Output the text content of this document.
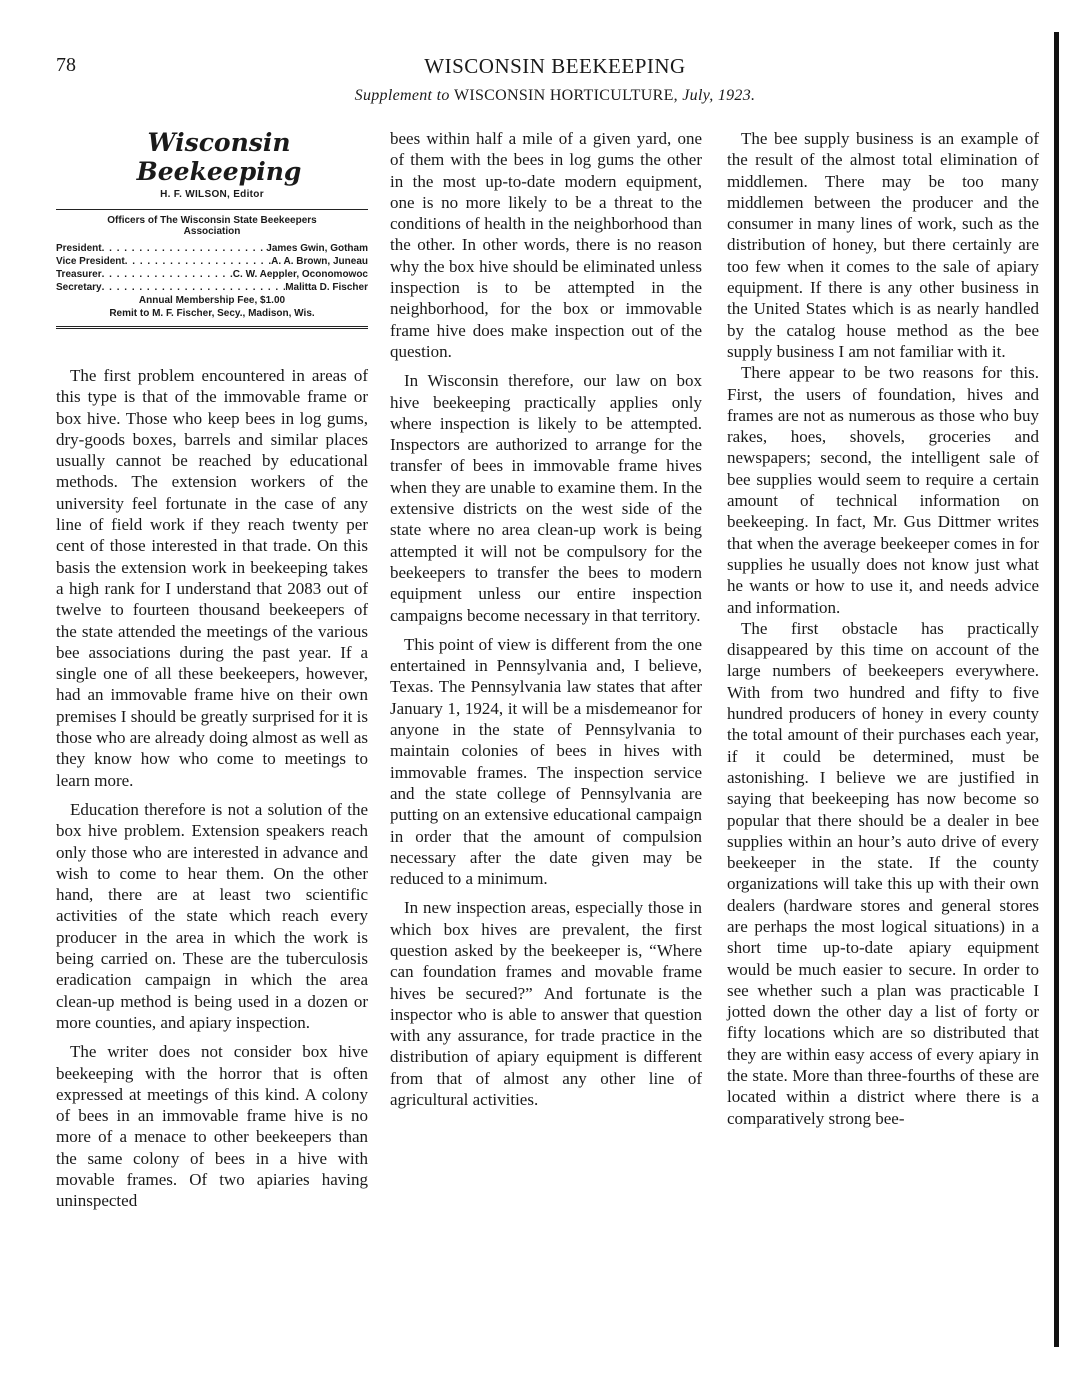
78	WISCONSIN BEEKEEPING
Supplement to WISCONSIN HORTICULTURE, July, 1923.
Wisconsin Beekeeping
H. F. WILSON, Editor
Officers of The Wisconsin State Beekeepers Association
President . . .	James Gwin, Gotham
Vice President . . .	A. A. Brown, Juneau
Treasurer . . .	C. W. Aeppler, Oconomowoc
Secretary . . .	Malitta D. Fischer
Annual Membership Fee, $1.00
Remit to M. F. Fischer, Secy., Madison, Wis.

The first problem encountered in areas of this type is that of the immovable frame or box hive. Those who keep bees in log gums, dry-goods boxes, barrels and similar places usually cannot be reached by educational methods. The extension workers of the university feel fortunate in the case of any line of field work if they reach twenty per cent of those interested in that trade. On this basis the extension work in beekeeping takes a high rank for I understand that 2083 out of twelve to fourteen thousand beekeepers of the state attended the meetings of the various bee associations during the past year. If a single one of all these beekeepers, however, had an immovable frame hive on their own premises I should be greatly surprised for it is those who are already doing almost as well as they know how who come to meetings to learn more.

Education therefore is not a solution of the box hive problem. Extension speakers reach only those who are interested in advance and wish to come to hear them. On the other hand, there are at least two scientific activities of the state which reach every producer in the area in which the work is being carried on. These are the tuberculosis eradication campaign in which the area clean-up method is being used in a dozen or more counties, and apiary inspection.

The writer does not consider box hive beekeeping with the horror that is often expressed at meetings of this kind. A colony of bees in an immovable frame hive is no more of a menace to other beekeepers than the same colony of bees in a hive with movable frames. Of two apiaries having uninspected

bees within half a mile of a given yard, one of them with the bees in log gums the other in the most up-to-date modern equipment, one is no more likely to be a threat to the conditions of health in the neighborhood than the other. In other words, there is no reason why the box hive should be eliminated unless inspection is to be attempted in the neighborhood, for the box or immovable frame hive does make inspection out of the question.

In Wisconsin therefore, our law on box hive beekeeping practically applies only where inspection is likely to be attempted. Inspectors are authorized to arrange for the transfer of bees in immovable frame hives when they are unable to examine them. In the extensive districts on the west side of the state where no area clean-up work is being attempted it will not be compulsory for the beekeepers to transfer the bees to modern equipment unless our entire inspection campaigns become necessary in that territory.

This point of view is different from the one entertained in Pennsylvania and, I believe, Texas. The Pennsylvania law states that after January 1, 1924, it will be a misdemeanor for anyone in the state of Pennsylvania to maintain colonies of bees in hives with immovable frames. The inspection service and the state college of Pennsylvania are putting on an extensive educational campaign in order that the amount of compulsion necessary after the date given may be reduced to a minimum.

In new inspection areas, especially those in which box hives are prevalent, the first question asked by the beekeeper is, “Where can foundation frames and movable frame hives be secured?” And fortunate is the inspector who is able to answer that question with any assurance, for trade practice in the distribution of apiary equipment is different from that of almost any other line of agricultural activities.

The bee supply business is an example of the result of the almost total elimination of middlemen. There may be too many middlemen between the producer and the consumer in many lines of work, such as the distribution of honey, but there certainly are too few when it comes to the sale of apiary equipment. If there is any other business in the United States which is as nearly handled by the catalog house method as the bee supply business I am not familiar with it.

There appear to be two reasons for this. First, the users of foundation, hives and frames are not as numerous as those who buy rakes, hoes, shovels, groceries and newspapers; second, the intelligent sale of bee supplies would seem to require a certain amount of technical information on beekeeping. In fact, Mr. Gus Dittmer writes that when the average beekeeper comes in for supplies he usually does not know just what he wants or how to use it, and needs advice and information.

The first obstacle has practically disappeared by this time on account of the large numbers of beekeepers everywhere. With from two hundred and fifty to five hundred producers of honey in every county the total amount of their purchases each year, if it could be determined, must be astonishing. I believe we are justified in saying that beekeeping has now become so popular that there should be a dealer in bee supplies within an hour’s auto drive of every beekeeper in the state. If the county organizations will take this up with their own dealers (hardware stores and general stores are perhaps the most logical situations) in a short time up-to-date apiary equipment would be much easier to secure. In order to see whether such a plan was practicable I jotted down the other day a list of forty or fifty locations which are so distributed that they are within easy access of every apiary in the state. More than three-fourths of these are located within a district where there is a comparatively strong bee-
